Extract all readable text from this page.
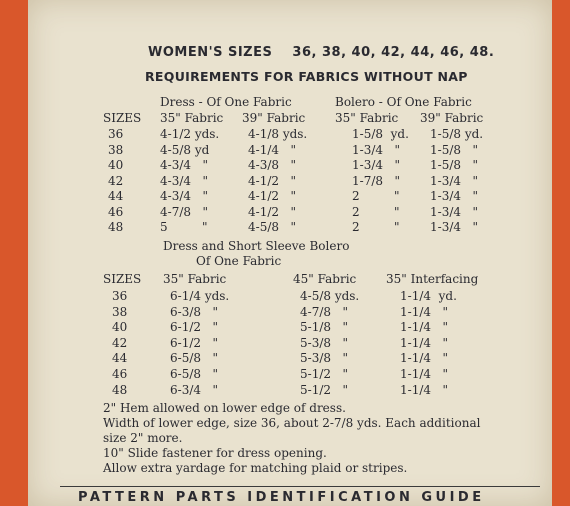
WOMEN'S SIZES    36, 38, 40, 42, 44, 46, 48.
REQUIREMENTS FOR FABRICS WITHOUT NAP
Dress - Of One Fabric	Bolero - Of One Fabric
SIZES 35" Fabric 39" Fabric 35" Fabric 39" Fabric
36	4-1/2 yds. 4-1/8 yds.	1-5/8  yd. 1-5/8 yd.
38	4-5/8 yd	4-1/4   "	1-3/4   "	1-5/8   "
40	4-3/4   "	4-3/8   "	1-3/4   "	1-5/8   "
42	4-3/4   "	4-1/2   "	1-7/8   "	1-3/4   "
44	4-3/4   "	4-1/2   "	2         "	1-3/4   "
46	4-7/8   "	4-1/2   "	2         "	1-3/4   "
48	5         "	4-5/8   "	2         "	1-3/4   "
Dress and Short Sleeve Bolero
Of One Fabric
SIZES 35" Fabric	45" Fabric 35" Interfacing
36	6-1/4 yds.	4-5/8 yds.	1-1/4  yd.
38	6-3/8   "	4-7/8   "	1-1/4   "
40	6-1/2   "	5-1/8   "	1-1/4   "
42	6-1/2   "	5-3/8   "	1-1/4   "
44	6-5/8   "	5-3/8   "	1-1/4   "
46	6-5/8   "	5-1/2   "	1-1/4   "
48	6-3/4   "	5-1/2   "	1-1/4   "
2" Hem allowed on lower edge of dress.
Width of lower edge, size 36, about 2-7/8 yds. Each additional
size 2" more.
10" Slide fastener for dress opening.
Allow extra yardage for matching plaid or stripes.
PATTERN PARTS IDENTIFICATION GUIDE
